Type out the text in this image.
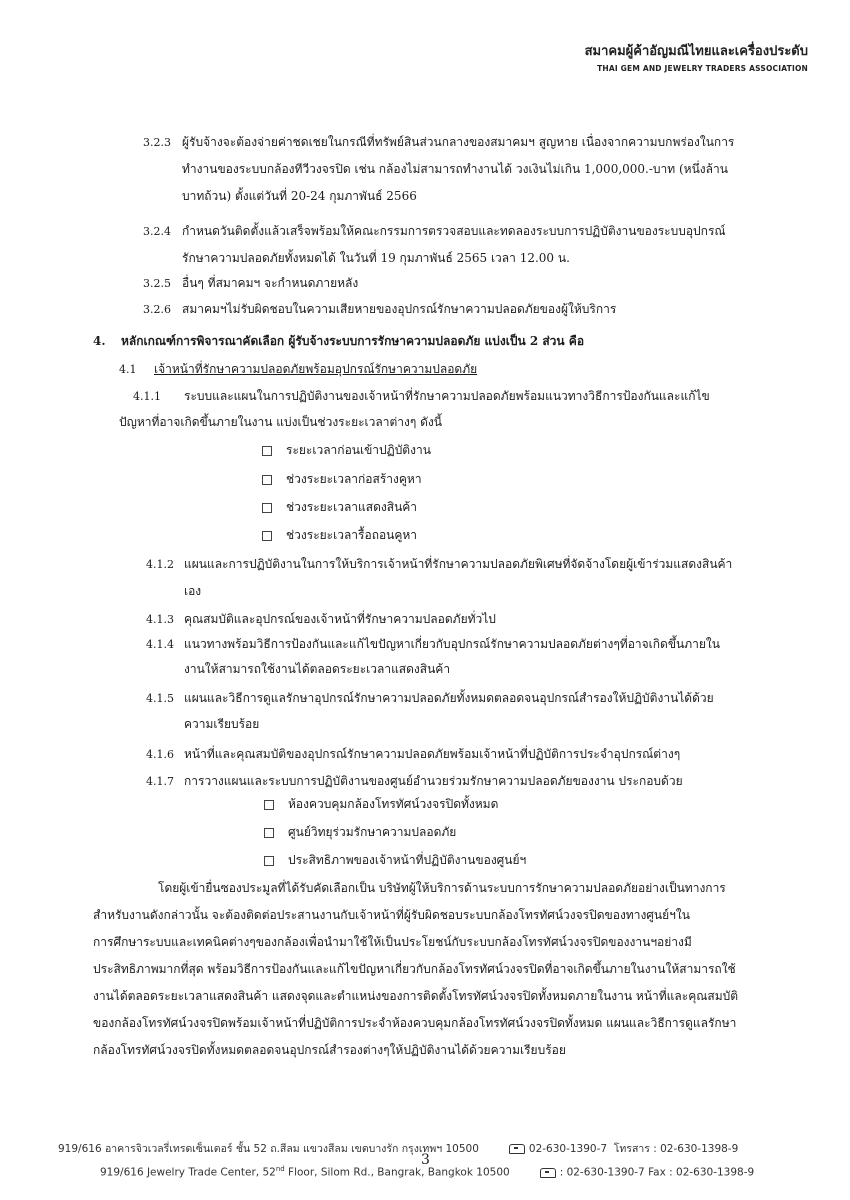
สมาคมผู้ค้าอัญมณีไทยและเครื่องประดับ
THAI GEM AND JEWELRY TRADERS ASSOCIATION
3.2.3 ผู้รับจ้างจะต้องจ่ายค่าชดเชยในกรณีที่ทรัพย์สินส่วนกลางของสมาคมฯ สูญหาย เนื่องจากความบกพร่องในการ
ทำงานของระบบกล้องทีวีวงจรปิด เช่น กล้องไม่สามารถทำงานได้ วงเงินไม่เกิน 1,000,000.-บาท (หนึ่งล้าน
บาทถ้วน) ตั้งแต่วันที่ 20-24 กุมภาพันธ์ 2566
3.2.4 กำหนดวันติดตั้งแล้วเสร็จพร้อมให้คณะกรรมการตรวจสอบและทดลองระบบการปฏิบัติงานของระบบอุปกรณ์
รักษาความปลอดภัยทั้งหมดได้ ในวันที่ 19 กุมภาพันธ์ 2565 เวลา 12.00 น.
3.2.5 อื่นๆ ที่สมาคมฯ จะกำหนดภายหลัง
3.2.6 สมาคมฯไม่รับผิดชอบในความเสียหายของอุปกรณ์รักษาความปลอดภัยของผู้ให้บริการ
4. หลักเกณฑ์การพิจารณาคัดเลือก ผู้รับจ้างระบบการรักษาความปลอดภัย แบ่งเป็น 2 ส่วน คือ
4.1 เจ้าหน้าที่รักษาความปลอดภัยพร้อมอุปกรณ์รักษาความปลอดภัย
4.1.1 ระบบและแผนในการปฏิบัติงานของเจ้าหน้าที่รักษาความปลอดภัยพร้อมแนวทางวิธีการป้องกันและแก้ไข
ปัญหาที่อาจเกิดขึ้นภายในงาน แบ่งเป็นช่วงระยะเวลาต่างๆ ดังนี้
ระยะเวลาก่อนเข้าปฏิบัติงาน
ช่วงระยะเวลาก่อสร้างคูหา
ช่วงระยะเวลาแสดงสินค้า
ช่วงระยะเวลารื้อถอนคูหา
4.1.2 แผนและการปฏิบัติงานในการให้บริการเจ้าหน้าที่รักษาความปลอดภัยพิเศษที่จัดจ้างโดยผู้เข้าร่วมแสดงสินค้า
เอง
4.1.3 คุณสมบัติและอุปกรณ์ของเจ้าหน้าที่รักษาความปลอดภัยทั่วไป
4.1.4 แนวทางพร้อมวิธีการป้องกันและแก้ไขปัญหาเกี่ยวกับอุปกรณ์รักษาความปลอดภัยต่างๆที่อาจเกิดขึ้นภายใน
งานให้สามารถใช้งานได้ตลอดระยะเวลาแสดงสินค้า
4.1.5 แผนและวิธีการดูแลรักษาอุปกรณ์รักษาความปลอดภัยทั้งหมดตลอดจนอุปกรณ์สำรองให้ปฏิบัติงานได้ด้วย
ความเรียบร้อย
4.1.6 หน้าที่และคุณสมบัติของอุปกรณ์รักษาความปลอดภัยพร้อมเจ้าหน้าที่ปฏิบัติการประจำอุปกรณ์ต่างๆ
4.1.7 การวางแผนและระบบการปฏิบัติงานของศูนย์อำนวยร่วมรักษาความปลอดภัยของงาน ประกอบด้วย
ห้องควบคุมกล้องโทรทัศน์วงจรปิดทั้งหมด
ศูนย์วิทยุร่วมรักษาความปลอดภัย
ประสิทธิภาพของเจ้าหน้าที่ปฏิบัติงานของศูนย์ฯ
โดยผู้เข้ายื่นซองประมูลที่ได้รับคัดเลือกเป็น บริษัทผู้ให้บริการด้านระบบการรักษาความปลอดภัยอย่างเป็นทางการ
สำหรับงานดังกล่าวนั้น จะต้องติดต่อประสานงานกับเจ้าหน้าที่ผู้รับผิดชอบระบบกล้องโทรทัศน์วงจรปิดของทางศูนย์ฯใน
การศึกษาระบบและเทคนิคต่างๆของกล้องเพื่อนำมาใช้ให้เป็นประโยชน์กับระบบกล้องโทรทัศน์วงจรปิดของงานฯอย่างมี
ประสิทธิภาพมากที่สุด พร้อมวิธีการป้องกันและแก้ไขปัญหาเกี่ยวกับกล้องโทรทัศน์วงจรปิดที่อาจเกิดขึ้นภายในงานให้สามารถใช้
งานได้ตลอดระยะเวลาแสดงสินค้า แสดงจุดและตำแหน่งของการติดตั้งโทรทัศน์วงจรปิดทั้งหมดภายในงาน หน้าที่และคุณสมบัติ
ของกล้องโทรทัศน์วงจรปิดพร้อมเจ้าหน้าที่ปฏิบัติการประจำห้องควบคุมกล้องโทรทัศน์วงจรปิดทั้งหมด แผนและวิธีการดูแลรักษา
กล้องโทรทัศน์วงจรปิดทั้งหมดตลอดจนอุปกรณ์สำรองต่างๆให้ปฏิบัติงานได้ด้วยความเรียบร้อย
919/616 อาคารจิวเวลรี่เทรดเซ็นเตอร์ ชั้น 52 ถ.สีลม แขวงสีลม เขตบางรัก กรุงเทพฯ 10500	02-630-1390-7 โทรสาร : 02-630-1398-9
3
919/616 Jewelry Trade Center, 52nd Floor, Silom Rd., Bangrak, Bangkok 10500	: 02-630-1390-7 Fax : 02-630-1398-9
